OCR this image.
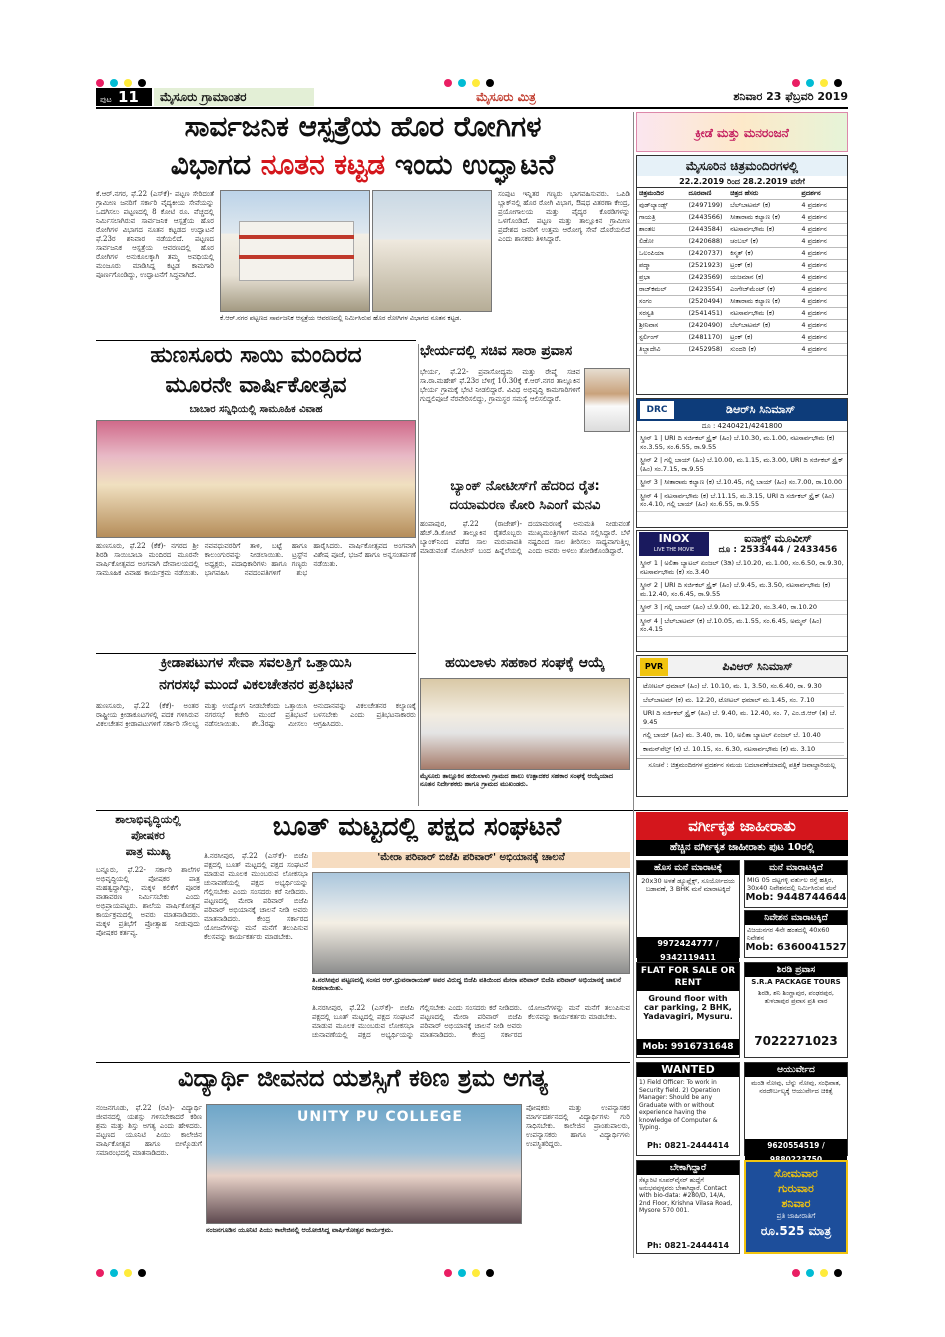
ಪುಟ 11	ಮೈಸೂರು ಗ್ರಾಮಾಂತರ	ಮೈಸೂರು ಮಿತ್ರ	ಶನಿವಾರ 23 ಫೆಬ್ರವರಿ 2019
ಸಾರ್ವಜನಿಕ ಆಸ್ಪತ್ರೆಯ ಹೊರ ರೋಗಿಗಳ
ವಿಭಾಗದ ನೂತನ ಕಟ್ಟಡ ಇಂದು ಉದ್ಘಾಟನೆ
ಕ್ರೀಡೆ ಮತ್ತು ಮನರಂಜನೆ
ಕೆ.ಆರ್.ನಗರ, ಫೆ.22 (ಎಸ್‌ಕೆ)- ಪಟ್ಟಣ ಸೇರಿದಂತೆ ಗ್ರಾಮೀಣ ಜನರಿಗೆ ಸರ್ಕಾರಿ ವೈದ್ಯಕೀಯ ಸೇವೆಯನ್ನು ಒದಗಿಸಲು ಪಟ್ಟಣದಲ್ಲಿ 8 ಕೋಟಿ ರೂ. ವೆಚ್ಚದಲ್ಲಿ ನಿರ್ಮಿಸಲಾಗಿರುವ ಸಾರ್ವಜನಿಕ ಆಸ್ಪತ್ರೆಯ ಹೊರ ರೋಗಿಗಳ ವಿಭಾಗದ ನೂತನ ಕಟ್ಟಡದ ಉದ್ಘಾಟನೆ ಫೆ.23ರ ಶನಿವಾರ ನಡೆಯಲಿದೆ. ಪಟ್ಟಣದ ಸಾರ್ವಜನಿಕ ಆಸ್ಪತ್ರೆಯ ಆವರಣದಲ್ಲಿ ಹೊರ ರೋಗಿಗಳ ಅನುಕೂಲಕ್ಕಾಗಿ ತಮ್ಮ ಅವಧಿಯಲ್ಲಿ ಮಂಜೂರು ಮಾಡಿಸಿದ್ದ ಕಟ್ಟಡ ಕಾಮಗಾರಿ ಪೂರ್ಣಗೊಂಡಿದ್ದು, ಉದ್ಘಾಟನೆಗೆ ಸಿದ್ಧವಾಗಿದೆ.
ಕೆ.ಆರ್.ನಗರ ಪಟ್ಟಣದ ಸಾರ್ವಜನಿಕ ಆಸ್ಪತ್ರೆಯ ಆವರಣದಲ್ಲಿ ನಿರ್ಮಿಸಿರುವ ಹೊರ ರೋಗಿಗಳ ವಿಭಾಗದ ನೂತನ ಕಟ್ಟಡ.
ಸಂಪುಟ ಇನ್ನಿತರ ಗಣ್ಯರು ಭಾಗವಹಿಸುವರು. ಒಪಿಡಿ ಬ್ಲಾಕ್‌ನಲ್ಲಿ ಹೊರ ರೋಗಿ ವಿಭಾಗ, ಔಷಧ ವಿತರಣಾ ಕೇಂದ್ರ, ಪ್ರಯೋಗಾಲಯ ಮತ್ತು ವೈದ್ಯರ ಕೊಠಡಿಗಳನ್ನು ಒಳಗೊಂಡಿದೆ. ಪಟ್ಟಣ ಮತ್ತು ತಾಲ್ಲೂಕಿನ ಗ್ರಾಮೀಣ ಪ್ರದೇಶದ ಜನರಿಗೆ ಉತ್ತಮ ಆರೋಗ್ಯ ಸೇವೆ ದೊರೆಯಲಿದೆ ಎಂದು ಶಾಸಕರು ತಿಳಿಸಿದ್ದಾರೆ.
ಮೈಸೂರಿನ ಚಿತ್ರಮಂದಿರಗಳಲ್ಲಿ
22.2.2019 ರಿಂದ 28.2.2019 ವರೆಗೆ
ಚಿತ್ರಮಂದಿರ	ದೂರವಾಣಿ	ಚಿತ್ರದ ಹೆಸರು	ಪ್ರದರ್ಶನ
ವುಡ್‌ಲ್ಯಾಂಡ್ಸ್	(2497199)	ಬೆಲ್‌ಬಾಟಮ್ (ಕ)	4 ಪ್ರದರ್ಶನ
ಗಾಯತ್ರಿ	(2443566)	ಸೀತಾರಾಮ ಕಲ್ಯಾಣ (ಕ)	4 ಪ್ರದರ್ಶನ
ಶಾಂತಲ	(2443584)	ನಟಸಾರ್ವಭೌಮ (ಕ)	4 ಪ್ರದರ್ಶನ
ಲಿಡೋ	(2420688)	ಚಂಬಲ್ (ಕ)	4 ಪ್ರದರ್ಶನ
ಒಲಂಪಿಯಾ	(2420737)	ಕಿಸ್ಮತ್ (ಕ)	4 ಪ್ರದರ್ಶನ
ಪದ್ಮಾ	(2521923)	ಟ್ರಂಕ್ (ಕ)	4 ಪ್ರದರ್ಶನ
ಪ್ರಭಾ	(2423569)	ಯಜಮಾನ (ಕ)	4 ಪ್ರದರ್ಶನ
ರಾಜ್‌ಕಮಲ್	(2423554)	ಎಂಗೇಜ್‌ಮೆಂಟ್ (ಕ)	4 ಪ್ರದರ್ಶನ
ಸಂಗಂ	(2520494)	ಸೀತಾರಾಮ ಕಲ್ಯಾಣ (ಕ)	4 ಪ್ರದರ್ಶನ
ಸರಸ್ವತಿ	(2541451)	ನಟಸಾರ್ವಭೌಮ (ಕ)	4 ಪ್ರದರ್ಶನ
ಶ್ರೀನಿವಾಸ	(2420490)	ಬೆಲ್‌ಬಾಟಮ್ (ಕ)	4 ಪ್ರದರ್ಶನ
ಸ್ಟರ್ಲಿಂಗ್	(2481170)	ಟ್ರಂಕ್ (ಕ)	4 ಪ್ರದರ್ಶನ
ತಿಬ್ಬಾದೇವಿ	(2452958)	ಸುಂದರಿ (ಕ)	4 ಪ್ರದರ್ಶನ
DRC	ಡಿಆರ್‌ಸಿ ಸಿನಿಮಾಸ್
ದೂ : 4240421/4241800
ಸ್ಕ್ರೀನ್ 1 | URI ದಿ ಸರ್ಜಿಕಲ್ ಸ್ಟ್ರೈಕ್ (ಹಿಂ) ಬೆ.10.30, ಮ.1.00, ನಟಸಾರ್ವಭೌಮ (ಕ) ಸಂ.3.55, ಸಂ.6.55, ರಾ.9.55
ಸ್ಟ್ರೀನ್ 2 | ಗಲ್ಲಿ ಬಾಯ್ (ಹಿಂ) ಬೆ.10.00, ಮ.1.15, ಮ.3.00, URI ದಿ ಸರ್ಜಿಕಲ್ ಸ್ಟ್ರೈಕ್ (ಹಿಂ) ಸಂ.7.15, ರಾ.9.55
ಸ್ಟ್ರೀನ್ 3 | ಸೀತಾರಾಮ ಕಲ್ಯಾಣ (ಕ) ಬೆ.10.45, ಗಲ್ಲಿ ಬಾಯ್ (ಹಿಂ) ಸಂ.7.00, ರಾ.10.00
ಸ್ಟ್ರೀನ್ 4 | ನಟಸಾರ್ವಭೌಮ (ಕ) ಬೆ.11.15, ಮ.3.15, URI ದಿ ಸರ್ಜಿಕಲ್ ಸ್ಟ್ರೈಕ್ (ಹಿಂ) ಸಂ.4.10, ಗಲ್ಲಿ ಬಾಯ್ (ಹಿಂ) ಸಂ.6.55, ರಾ.9.55
INOX
LIVE THE MOVIE
ಐನಾಕ್ಸ್ ಮೂವೀಸ್
ದೂ : 2533444 / 2433456
ಸ್ಕ್ರೀನ್ 1 | ಅಲಿತಾ ಬ್ಯಾಟಲ್ ಏಂಜಲ್ (3ಡಿ) ಬೆ.10.20, ಮ.1.00, ಸಂ.6.50, ರಾ.9.30, ನಟಸಾರ್ವಭೌಮ (ಕ) ಸಂ.3.40
ಸ್ಕ್ರೀನ್ 2 | URI ದಿ ಸರ್ಜಿಕಲ್ ಸ್ಟ್ರೈಕ್ (ಹಿಂ) ಬೆ.9.45, ಮ.3.50, ನಟಸಾರ್ವಭೌಮ (ಕ) ಮ.12.40, ಸಂ.6.45, ರಾ.9.55
ಸ್ಕ್ರೀನ್ 3 | ಗಲ್ಲಿ ಬಾಯ್ (ಹಿಂ) ಬೆ.9.00, ಮ.12.20, ಸಂ.3.40, ರಾ.10.20
ಸ್ಕ್ರೀನ್ 4 | ಬೆಲ್‌ಬಾಟಮ್ (ಕ) ಬೆ.10.05, ಮ.1.55, ಸಂ.6.45, ಅಮ್ಮನ್ (ಹಿಂ) ಸಂ.4.15
PVR	ಪಿವಿಆರ್ ಸಿನಿಮಾಸ್
ಟೋಟಲ್ ಧಮಾಲ್ (ಹಿಂ) ಬೆ. 10.10, ಮ. 1, 3.50, ಸಂ.6.40, ರಾ. 9.30
ಬೆಲ್‌ಬಾಟಮ್ (ಕ) ಮ. 12.20, ಟೋಟಲ್ ಧಮಾಲ್ ಮ.1.45, ಸಂ. 7.10
URI ದಿ ಸರ್ಜಿಕಲ್ ಸ್ಟ್ರೈಕ್ (ಹಿಂ) ಬೆ. 9.40, ಮ. 12.40, ಸಂ. 7, ಎಂ.ಜಿ.ಆರ್ (ತ) ಬೆ. 9.45
ಗಲ್ಲಿ ಬಾಯ್ (ಹಿಂ) ಮ. 3.40, ರಾ. 10, ಅಲಿತಾ ಬ್ಯಾಟಲ್ ಏಂಜಲ್ ಬೆ. 10.40
ಕಾಮನ್‌ವೆಲ್ತ್ (ಕ) ಬೆ. 10.15, ಸಂ. 6.30, ನಟಸಾರ್ವಭೌಮ (ಕ) ಮ. 3.10
ಸೂಚನೆ : ಚಿತ್ರಮಂದಿರಗಳ ಪ್ರದರ್ಶನ ಸಮಯ ಬದಲಾವಣೆಯಾದಲ್ಲಿ ಪತ್ರಿಕೆ ಜವಾಬ್ದಾರಿಯಲ್ಲ
ಹುಣಸೂರು ಸಾಯಿ ಮಂದಿರದ
ಮೂರನೇ ವಾರ್ಷಿಕೋತ್ಸವ
ಬಾಬಾರ ಸನ್ನಿಧಿಯಲ್ಲಿ ಸಾಮೂಹಿಕ ವಿವಾಹ
ಹುಣಸೂರು, ಫೆ.22 (ಕೆಕೆ)- ನಗರದ ಶ್ರೀ ಶಿರಡಿ ಸಾಯಿಬಾಬಾ ಮಂದಿರದ ಮೂರನೇ ವಾರ್ಷಿಕೋತ್ಸವದ ಅಂಗವಾಗಿ ದೇವಾಲಯದಲ್ಲಿ ಸಾಮೂಹಿಕ ವಿವಾಹ ಕಾರ್ಯಕ್ರಮ ನಡೆಯಿತು. ನವವಧುವರರಿಗೆ ತಾಳಿ, ಬಟ್ಟೆ ಹಾಗೂ ಕಾಲುಂಗುರವನ್ನು ನೀಡಲಾಯಿತು. ಟ್ರಸ್ಟ್‌ನ ಅಧ್ಯಕ್ಷರು, ಪದಾಧಿಕಾರಿಗಳು ಹಾಗೂ ಗಣ್ಯರು ಭಾಗವಹಿಸಿ ನವದಂಪತಿಗಳಿಗೆ ಶುಭ ಹಾರೈಸಿದರು. ವಾರ್ಷಿಕೋತ್ಸವದ ಅಂಗವಾಗಿ ವಿಶೇಷ ಪೂಜೆ, ಭಜನೆ ಹಾಗೂ ಅನ್ನಸಂತರ್ಪಣೆ ನಡೆಯಿತು.
ಭೇರ್ಯದಲ್ಲಿ ಸಚಿವ ಸಾರಾ ಪ್ರವಾಸ
ಭೇರ್ಯ, ಫೆ.22- ಪ್ರವಾಸೋದ್ಯಮ ಮತ್ತು ರೇಷ್ಮೆ ಸಚಿವ ಸಾ.ರಾ.ಮಹೇಶ್ ಫೆ.23ರ ಬೆಳಿಗ್ಗೆ 10.30ಕ್ಕೆ ಕೆ.ಆರ್.ನಗರ ತಾಲ್ಲೂಕಿನ ಭೇರ್ಯ ಗ್ರಾಮಕ್ಕೆ ಭೇಟಿ ನೀಡಲಿದ್ದಾರೆ. ವಿವಿಧ ಅಭಿವೃದ್ಧಿ ಕಾಮಗಾರಿಗಳಿಗೆ ಗುದ್ದಲಿಪೂಜೆ ನೆರವೇರಿಸಲಿದ್ದು, ಗ್ರಾಮಸ್ಥರ ಸಮಸ್ಯೆ ಆಲಿಸಲಿದ್ದಾರೆ.
ಬ್ಯಾಂಕ್ ನೋಟೀಸ್‌ಗೆ ಹೆದರಿದ ರೈತ:
ದಯಾಮರಣ ಕೋರಿ ಸಿಎಂಗೆ ಮನವಿ
ಹಂಪಾಪುರ, ಫೆ.22 (ರಾಜೇಶ್)- ಹೆಚ್.ಡಿ.ಕೋಟೆ ತಾಲ್ಲೂಕಿನ ರೈತರೊಬ್ಬರು ಬ್ಯಾಂಕ್‌ನಿಂದ ಪಡೆದ ಸಾಲ ಮರುಪಾವತಿ ಮಾಡುವಂತೆ ನೋಟೀಸ್ ಬಂದ ಹಿನ್ನೆಲೆಯಲ್ಲಿ ದಯಾಮರಣಕ್ಕೆ ಅನುಮತಿ ನೀಡುವಂತೆ ಮುಖ್ಯಮಂತ್ರಿಗಳಿಗೆ ಮನವಿ ಸಲ್ಲಿಸಿದ್ದಾರೆ. ಬೆಳೆ ನಷ್ಟದಿಂದ ಸಾಲ ತೀರಿಸಲು ಸಾಧ್ಯವಾಗುತ್ತಿಲ್ಲ ಎಂದು ಅವರು ಅಳಲು ತೋಡಿಕೊಂಡಿದ್ದಾರೆ.
ಕ್ರೀಡಾಪಟುಗಳ ಸೇವಾ ಸವಲತ್ತಿಗೆ ಒತ್ತಾಯಿಸಿ
ನಗರಸಭೆ ಮುಂದೆ ವಿಕಲಚೇತನರ ಪ್ರತಿಭಟನೆ
ಹುಣಸೂರು, ಫೆ.22 (ಕೆಕೆ)- ಅಂತರ ರಾಷ್ಟ್ರೀಯ ಕ್ರೀಡಾಕೂಟಗಳಲ್ಲಿ ಪದಕ ಗಳಿಸಿರುವ ವಿಕಲಚೇತನ ಕ್ರೀಡಾಪಟುಗಳಿಗೆ ಸರ್ಕಾರಿ ಸೌಲಭ್ಯ ಮತ್ತು ಉದ್ಯೋಗ ನೀಡಬೇಕೆಂದು ಒತ್ತಾಯಿಸಿ ನಗರಸಭೆ ಕಚೇರಿ ಮುಂದೆ ಪ್ರತಿಭಟನೆ ನಡೆಸಲಾಯಿತು. ಶೇ.3ರಷ್ಟು ಮೀಸಲು ಅನುದಾನವನ್ನು ವಿಕಲಚೇತನರ ಕಲ್ಯಾಣಕ್ಕೆ ಬಳಸಬೇಕು ಎಂದು ಪ್ರತಿಭಟನಾಕಾರರು ಆಗ್ರಹಿಸಿದರು.
ಹಯಿಲಾಳು ಸಹಕಾರ ಸಂಘಕ್ಕೆ ಆಯ್ಕೆ
ಮೈಸೂರು ತಾಲ್ಲೂಕಿನ ಹಯಿಲಾಳು ಗ್ರಾಮದ ಹಾಲು ಉತ್ಪಾದಕರ ಸಹಕಾರ ಸಂಘಕ್ಕೆ ಆಯ್ಕೆಯಾದ ನೂತನ ನಿರ್ದೇಶಕರು ಹಾಗೂ ಗ್ರಾಮದ ಮುಖಂಡರು.
ಶಾಲಾಭಿವೃದ್ಧಿಯಲ್ಲಿ
ಪೋಷಕರ
ಪಾತ್ರ ಮುಖ್ಯ
ಬನ್ನೂರು, ಫೆ.22- ಸರ್ಕಾರಿ ಶಾಲೆಗಳ ಅಭಿವೃದ್ಧಿಯಲ್ಲಿ ಪೋಷಕರ ಪಾತ್ರ ಮಹತ್ವದ್ದಾಗಿದ್ದು, ಮಕ್ಕಳ ಕಲಿಕೆಗೆ ಪೂರಕ ವಾತಾವರಣ ನಿರ್ಮಿಸಬೇಕು ಎಂದು ಅಭಿಪ್ರಾಯಪಟ್ಟರು. ಶಾಲೆಯ ವಾರ್ಷಿಕೋತ್ಸವ ಕಾರ್ಯಕ್ರಮದಲ್ಲಿ ಅವರು ಮಾತನಾಡಿದರು. ಮಕ್ಕಳ ಪ್ರತಿಭೆಗೆ ಪ್ರೋತ್ಸಾಹ ನೀಡುವುದು ಪೋಷಕರ ಕರ್ತವ್ಯ.
ಬೂತ್ ಮಟ್ಟದಲ್ಲಿ ಪಕ್ಷದ ಸಂಘಟನೆ
'ಮೇರಾ ಪರಿವಾರ್ ಬಿಜೆಪಿ ಪರಿವಾರ್' ಅಭಿಯಾನಕ್ಕೆ ಚಾಲನೆ
ತಿ.ನರಸೀಪುರ, ಫೆ.22 (ಎಸ್‌ಕೆ)- ಬಿಜೆಪಿ ಪಕ್ಷದಲ್ಲಿ ಬೂತ್ ಮಟ್ಟದಲ್ಲಿ ಪಕ್ಷದ ಸಂಘಟನೆ ಮಾಡುವ ಮೂಲಕ ಮುಂಬರುವ ಲೋಕಸಭಾ ಚುನಾವಣೆಯಲ್ಲಿ ಪಕ್ಷದ ಅಭ್ಯರ್ಥಿಯನ್ನು ಗೆಲ್ಲಿಸಬೇಕು ಎಂದು ಸಂಸದರು ಕರೆ ನೀಡಿದರು. ಪಟ್ಟಣದಲ್ಲಿ ಮೇರಾ ಪರಿವಾರ್ ಬಿಜೆಪಿ ಪರಿವಾರ್ ಅಭಿಯಾನಕ್ಕೆ ಚಾಲನೆ ನೀಡಿ ಅವರು ಮಾತನಾಡಿದರು. ಕೇಂದ್ರ ಸರ್ಕಾರದ ಯೋಜನೆಗಳನ್ನು ಮನೆ ಮನೆಗೆ ತಲುಪಿಸುವ ಕೆಲಸವನ್ನು ಕಾರ್ಯಕರ್ತರು ಮಾಡಬೇಕು.
ತಿ.ನರಸೀಪುರ ಪಟ್ಟಣದಲ್ಲಿ ಸಂಸದ ಆರ್.ಧ್ರುವನಾರಾಯಣ್ ಅವರ ವಿರುದ್ಧ ಬಿಜೆಪಿ ವತಿಯಿಂದ ಮೇರಾ ಪರಿವಾರ್ ಬಿಜೆಪಿ ಪರಿವಾರ್ ಅಭಿಯಾನಕ್ಕೆ ಚಾಲನೆ ನೀಡಲಾಯಿತು.
ತಿ.ನರಸೀಪುರ, ಫೆ.22 (ಎಸ್‌ಕೆ)- ಬಿಜೆಪಿ ಪಕ್ಷದಲ್ಲಿ ಬೂತ್ ಮಟ್ಟದಲ್ಲಿ ಪಕ್ಷದ ಸಂಘಟನೆ ಮಾಡುವ ಮೂಲಕ ಮುಂಬರುವ ಲೋಕಸಭಾ ಚುನಾವಣೆಯಲ್ಲಿ ಪಕ್ಷದ ಅಭ್ಯರ್ಥಿಯನ್ನು ಗೆಲ್ಲಿಸಬೇಕು ಎಂದು ಸಂಸದರು ಕರೆ ನೀಡಿದರು. ಪಟ್ಟಣದಲ್ಲಿ ಮೇರಾ ಪರಿವಾರ್ ಬಿಜೆಪಿ ಪರಿವಾರ್ ಅಭಿಯಾನಕ್ಕೆ ಚಾಲನೆ ನೀಡಿ ಅವರು ಮಾತನಾಡಿದರು. ಕೇಂದ್ರ ಸರ್ಕಾರದ ಯೋಜನೆಗಳನ್ನು ಮನೆ ಮನೆಗೆ ತಲುಪಿಸುವ ಕೆಲಸವನ್ನು ಕಾರ್ಯಕರ್ತರು ಮಾಡಬೇಕು.
ವಿದ್ಯಾರ್ಥಿ ಜೀವನದ ಯಶಸ್ಸಿಗೆ ಕಠಿಣ ಶ್ರಮ ಅಗತ್ಯ
ನಂಜನಗೂಡು, ಫೆ.22 (ರವಿ)- ವಿದ್ಯಾರ್ಥಿ ಜೀವನದಲ್ಲಿ ಯಶಸ್ಸು ಗಳಿಸಬೇಕಾದರೆ ಕಠಿಣ ಶ್ರಮ ಮತ್ತು ಶಿಸ್ತು ಅಗತ್ಯ ಎಂದು ಹೇಳಿದರು. ಪಟ್ಟಣದ ಯೂನಿಟಿ ಪಿಯು ಕಾಲೇಜಿನ ವಾರ್ಷಿಕೋತ್ಸವ ಹಾಗೂ ಬೀಳ್ಕೊಡುಗೆ ಸಮಾರಂಭದಲ್ಲಿ ಮಾತನಾಡಿದರು.
UNITY PU COLLEGE
ನಂಜನಗೂಡಿನ ಯೂನಿಟಿ ಪಿಯು ಕಾಲೇಜಿನಲ್ಲಿ ಆಯೋಜಿಸಿದ್ದ ವಾರ್ಷಿಕೋತ್ಸವ ಕಾರ್ಯಕ್ರಮ.
ಪೋಷಕರು ಮತ್ತು ಉಪನ್ಯಾಸಕರ ಮಾರ್ಗದರ್ಶನದಲ್ಲಿ ವಿದ್ಯಾರ್ಥಿಗಳು ಗುರಿ ಸಾಧಿಸಬೇಕು. ಕಾಲೇಜಿನ ಪ್ರಾಂಶುಪಾಲರು, ಉಪನ್ಯಾಸಕರು ಹಾಗೂ ವಿದ್ಯಾರ್ಥಿಗಳು ಉಪಸ್ಥಿತರಿದ್ದರು.
ವರ್ಗೀಕೃತ ಜಾಹೀರಾತು
ಹೆಚ್ಚಿನ ವರ್ಗೀಕೃತ ಜಾಹೀರಾತು ಪುಟ 10ರಲ್ಲಿ
ಹೊಸ ಮನೆ ಮಾರಾಟಕ್ಕೆ
20x30 ಅಳತೆ ಡ್ಯೂಪ್ಲೆಕ್ಸ್, ಸೂರ್ಯೋದಯ ಬಡಾವಣೆ, 3 BHK ಮನೆ ಮಾರಾಟಕ್ಕಿದೆ
9972424777 / 9342119411
ಮನೆ ಮಾರಾಟಕ್ಕಿದೆ
MIG 05 ದಟ್ಟಗಳ್ಳಿ ವರ್ತುಲ ರಸ್ತೆ ಹತ್ತಿರ, 30x40 ನಿವೇಶನದಲ್ಲಿ ನಿರ್ಮಿಸಿರುವ ಮನೆ
Mob: 9448744644
ನಿವೇಶನ ಮಾರಾಟಕ್ಕಿದೆ
ವಿಜಯನಗರ 4ನೇ ಹಂತದಲ್ಲಿ 40x60 ನಿವೇಶನ
Mob: 6360041527
FLAT FOR SALE OR RENT
Ground floor with car parking, 2 BHK, Yadavagiri, Mysuru.
Mob: 9916731648
ಶಿರಡಿ ಪ್ರವಾಸ
S.R.A PACKAGE TOURS
ಶಿರಡಿ, ಶನಿ ಶಿಂಗ್ಣಾಪುರ, ಪಂಢರಪುರ, ತುಳಜಾಪುರ ಪ್ರವಾಸ ಪ್ರತಿ ವಾರ
7022271023
WANTED
1) Field Officer: To work in Security field. 2) Operation Manager: Should be any Graduate with or without experience having the knowledge of Computer & Typing.
Ph: 0821-2444414
ಆಯುರ್ವೇದ
ಮಂಡಿ ನೋವು, ಬೆನ್ನು ನೋವು, ಸಂಧಿವಾತ, ನರದೌರ್ಬಲ್ಯಕ್ಕೆ ಆಯುರ್ವೇದ ಚಿಕಿತ್ಸೆ
9620554519 /
ಬೇಕಾಗಿದ್ದಾರೆ
ಸೆಕ್ಯೂರಿಟಿ ಸೂಪರ್‌ವೈಸರ್ ಹುದ್ದೆಗೆ ಅನುಭವವುಳ್ಳವರು ಬೇಕಾಗಿದ್ದಾರೆ. Contact with bio-data: #280/D, 14/A, 2nd Floor, Krishna Vilasa Road, Mysore 570 001.
Ph: 0821-2444414
ಸೋಮವಾರ
ಗುರುವಾರ
ಶನಿವಾರ
ಪ್ರತಿ ಜಾಹೀರಾತಿಗೆ
ರೂ.525 ಮಾತ್ರ
